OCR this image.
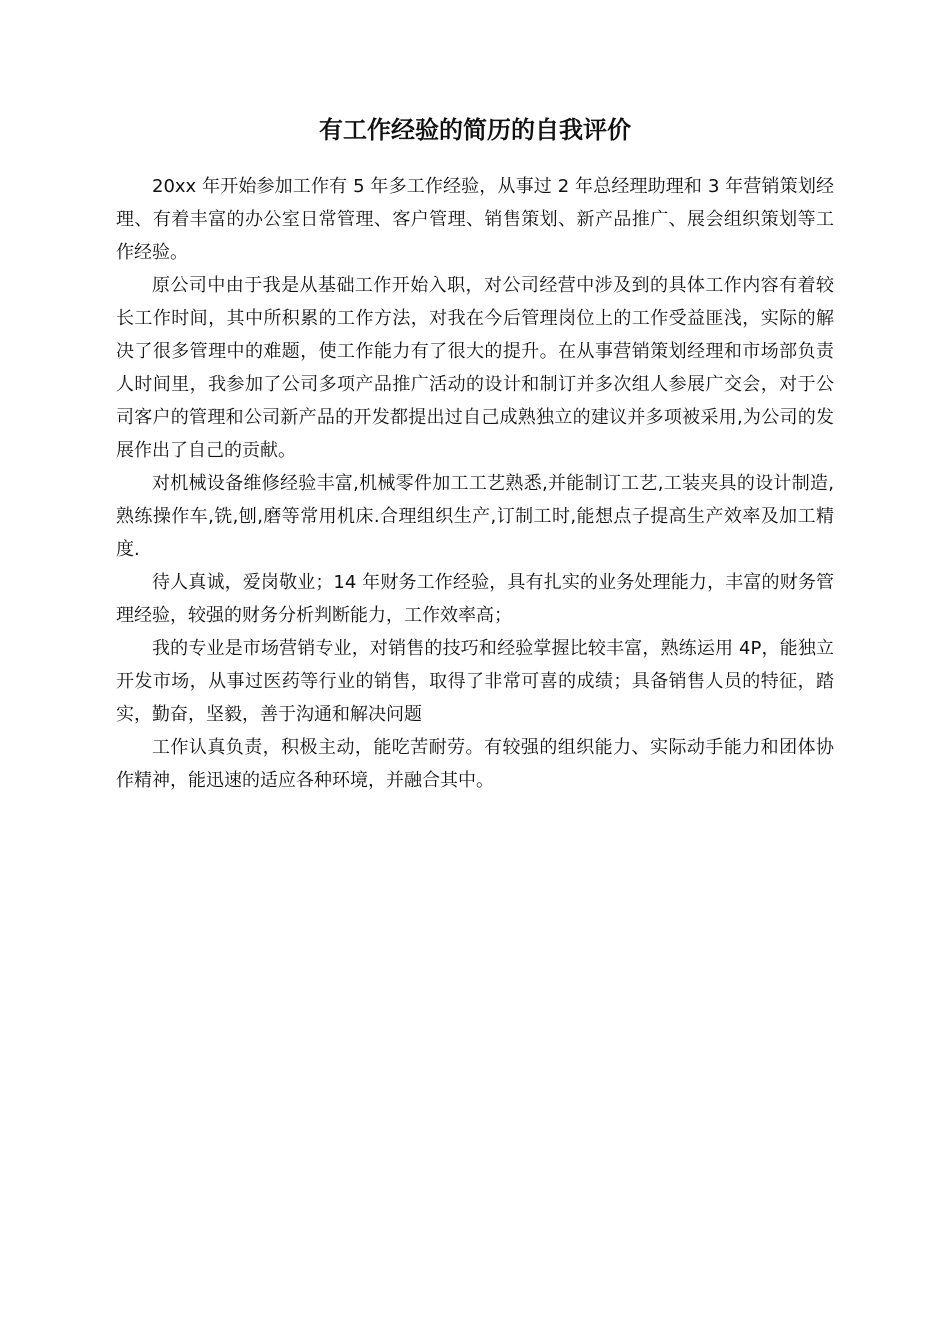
有工作经验的简历的自我评价

20xx 年开始参加工作有 5 年多工作经验，从事过 2 年总经理助理和 3 年营销策划经理、有着丰富的办公室日常管理、客户管理、销售策划、新产品推广、展会组织策划等工作经验。

原公司中由于我是从基础工作开始入职，对公司经营中涉及到的具体工作内容有着较长工作时间，其中所积累的工作方法，对我在今后管理岗位上的工作受益匪浅，实际的解决了很多管理中的难题，使工作能力有了很大的提升。在从事营销策划经理和市场部负责人时间里，我参加了公司多项产品推广活动的设计和制订并多次组人参展广交会，对于公司客户的管理和公司新产品的开发都提出过自己成熟独立的建议并多项被采用,为公司的发展作出了自己的贡献。

对机械设备维修经验丰富,机械零件加工工艺熟悉,并能制订工艺,工装夹具的设计制造,熟练操作车,铣,刨,磨等常用机床.合理组织生产,订制工时,能想点子提高生产效率及加工精度.

待人真诚，爱岗敬业；14 年财务工作经验，具有扎实的业务处理能力，丰富的财务管理经验，较强的财务分析判断能力，工作效率高；

我的专业是市场营销专业，对销售的技巧和经验掌握比较丰富，熟练运用 4P，能独立开发市场，从事过医药等行业的销售，取得了非常可喜的成绩；具备销售人员的特征，踏实，勤奋，坚毅，善于沟通和解决问题

工作认真负责，积极主动，能吃苦耐劳。有较强的组织能力、实际动手能力和团体协作精神，能迅速的适应各种环境，并融合其中。
